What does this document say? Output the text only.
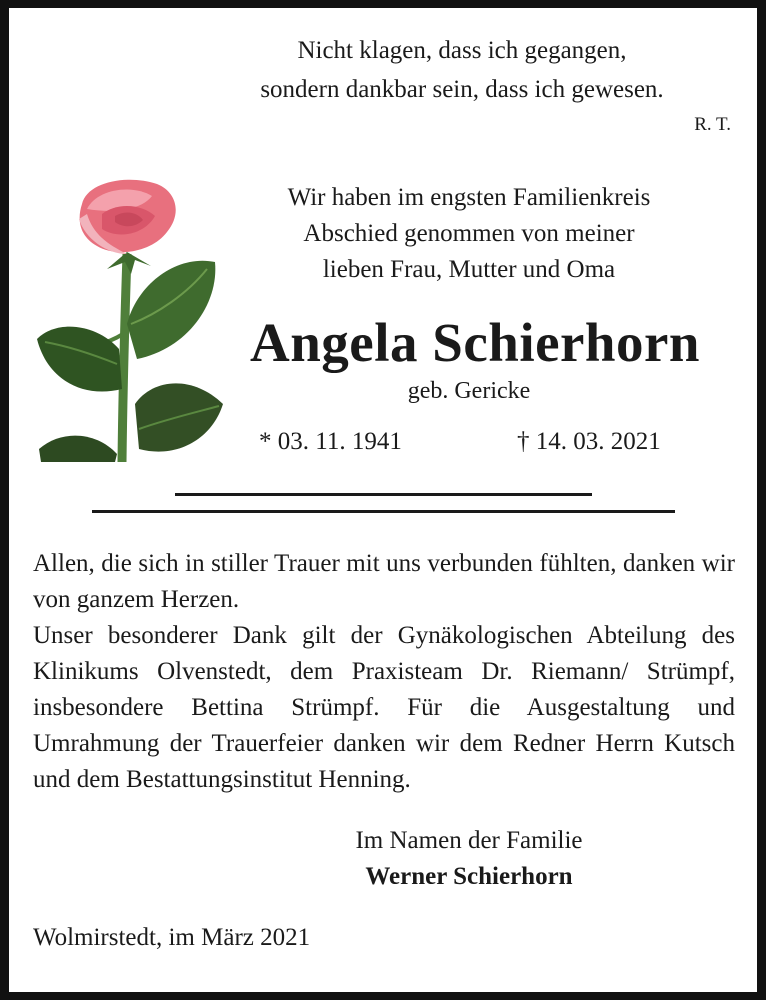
Nicht klagen, dass ich gegangen,
sondern dankbar sein, dass ich gewesen.
R. T.
Wir haben im engsten Familienkreis
Abschied genommen von meiner
lieben Frau, Mutter und Oma
Angela Schierhorn
geb. Gericke
* 03. 11. 1941	† 14. 03. 2021
Allen, die sich in stiller Trauer mit uns verbunden fühlten, danken wir von ganzem Herzen.
Unser besonderer Dank gilt der Gynäkologischen Abteilung des Klinikums Olvenstedt, dem Praxisteam Dr. Riemann/ Strümpf, insbesondere Bettina Strümpf. Für die Ausgestaltung und Umrahmung der Trauerfeier danken wir dem Redner Herrn Kutsch und dem Bestattungsinstitut Henning.
Im Namen der Familie
Werner Schierhorn
Wolmirstedt, im März 2021
